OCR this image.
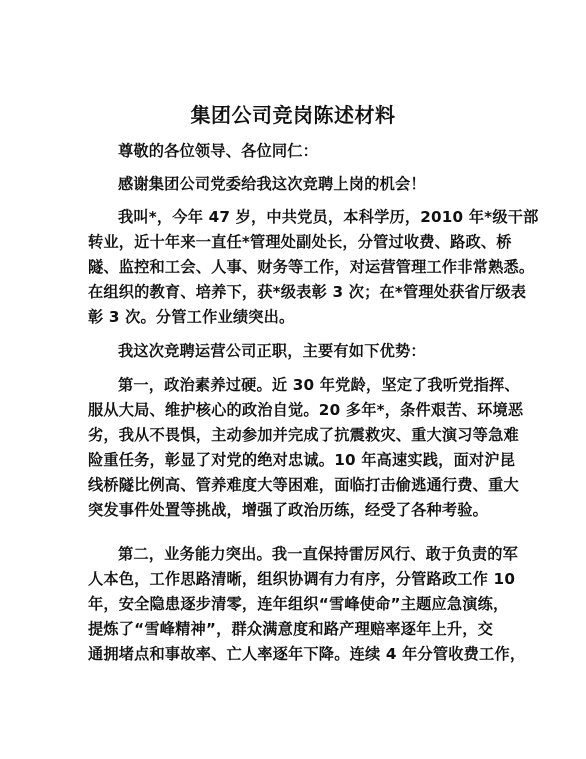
集团公司竞岗陈述材料
尊敬的各位领导、各位同仁：
感谢集团公司党委给我这次竞聘上岗的机会！
我叫*，今年 47 岁，中共党员，本科学历，2010 年*级干部
转业，近十年来一直任*管理处副处长，分管过收费、路政、桥
隧、监控和工会、人事、财务等工作，对运营管理工作非常熟悉。
在组织的教育、培养下，获*级表彰 3 次；在*管理处获省厅级表
彰 3 次。分管工作业绩突出。
我这次竞聘运营公司正职，主要有如下优势：
第一，政治素养过硬。近 30 年党龄，坚定了我听党指挥、
服从大局、维护核心的政治自觉。20 多年*，条件艰苦、环境恶
劣，我从不畏惧，主动参加并完成了抗震救灾、重大演习等急难
险重任务，彰显了对党的绝对忠诚。10 年高速实践，面对沪昆
线桥隧比例高、管养难度大等困难，面临打击偷逃通行费、重大
突发事件处置等挑战，增强了政治历练，经受了各种考验。
第二，业务能力突出。我一直保持雷厉风行、敢于负责的军
人本色，工作思路清晰，组织协调有力有序，分管路政工作 10
年，安全隐患逐步清零，连年组织“雪峰使命”主题应急演练，
提炼了“雪峰精神”，群众满意度和路产理赔率逐年上升，交
通拥堵点和事故率、亡人率逐年下降。连续 4 年分管收费工作，
